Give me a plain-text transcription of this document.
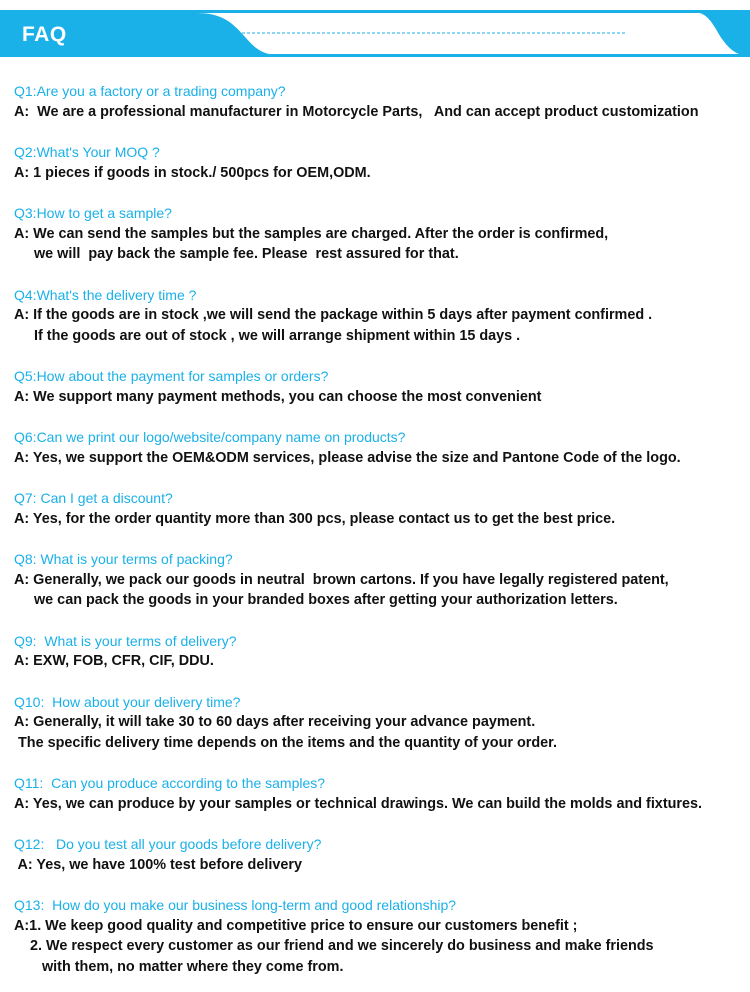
FAQ
Q1:Are you a factory or a trading company?
A:  We are a professional manufacturer in Motorcycle Parts,   And can accept product customization
Q2:What's Your MOQ ?
A: 1 pieces if goods in stock./ 500pcs for OEM,ODM.
Q3:How to get a sample?
A: We can send the samples but the samples are charged. After the order is confirmed,
we will  pay back the sample fee. Please  rest assured for that.
Q4:What's the delivery time ?
A: If the goods are in stock ,we will send the package within 5 days after payment confirmed .
If the goods are out of stock , we will arrange shipment within 15 days .
Q5:How about the payment for samples or orders?
A: We support many payment methods, you can choose the most convenient
Q6:Can we print our logo/website/company name on products?
A: Yes, we support the OEM&ODM services, please advise the size and Pantone Code of the logo.
Q7: Can I get a discount?
A: Yes, for the order quantity more than 300 pcs, please contact us to get the best price.
Q8: What is your terms of packing?
A: Generally, we pack our goods in neutral  brown cartons. If you have legally registered patent,
we can pack the goods in your branded boxes after getting your authorization letters.
Q9:  What is your terms of delivery?
A: EXW, FOB, CFR, CIF, DDU.
Q10:  How about your delivery time?
A: Generally, it will take 30 to 60 days after receiving your advance payment.
The specific delivery time depends on the items and the quantity of your order.
Q11:  Can you produce according to the samples?
A: Yes, we can produce by your samples or technical drawings. We can build the molds and fixtures.
Q12:   Do you test all your goods before delivery?
A: Yes, we have 100% test before delivery
Q13:  How do you make our business long-term and good relationship?
A:1. We keep good quality and competitive price to ensure our customers benefit ;
2. We respect every customer as our friend and we sincerely do business and make friends
with them, no matter where they come from.
